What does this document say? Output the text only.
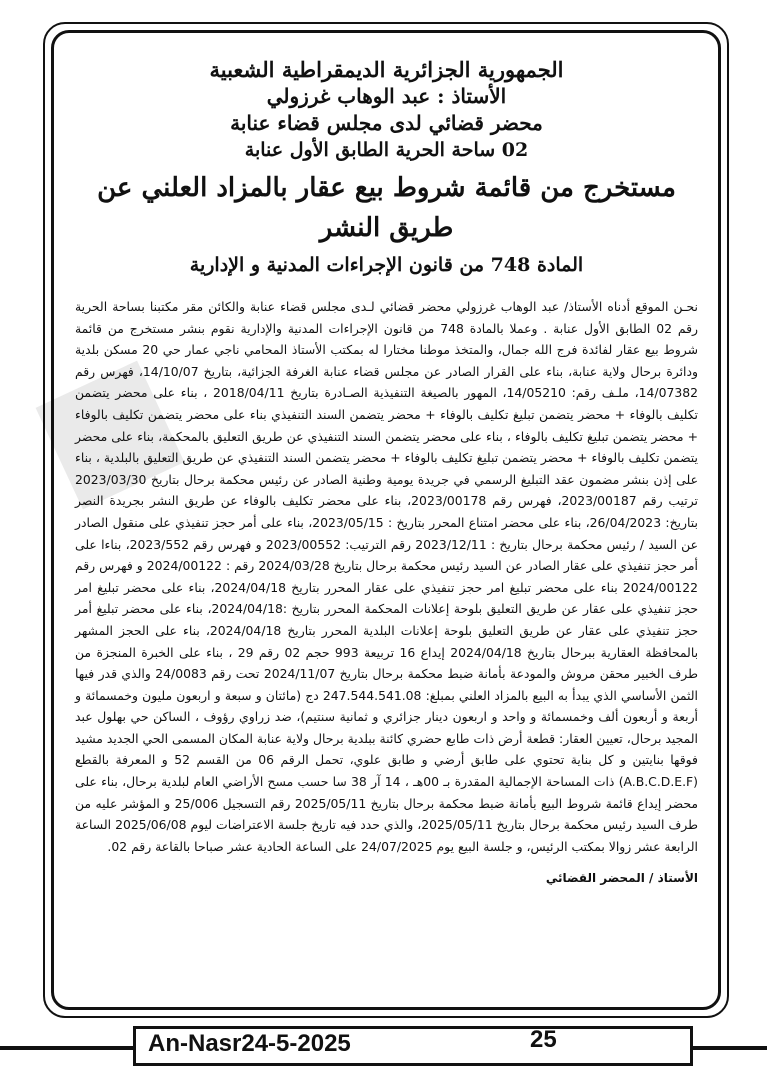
الجمهورية الجزائرية الديمقراطية الشعبية

الأستاذ : عبد الوهاب غرزولي

محضر قضائي لدى مجلس قضاء عنابة

02 ساحة الحرية الطابق الأول عنابة

مستخرج من قائمة شروط بيع عقار بالمزاد العلني عن طريق النشر

المادة 748 من قانون الإجراءات المدنية و الإدارية

نحـن الموقع أدناه الأستاذ/ عبد الوهاب غرزولي محضر قضائي لـدى مجلس قضاء عنابة والكائن مقر مكتبنا بساحة الحرية رقم 02 الطابق الأول عنابة . وعملا بالمادة 748 من قانون الإجراءات المدنية والإدارية نقوم بنشر مستخرج من قائمة شروط بيع عقار لفائدة فرج الله جمال، والمتخذ موطنا مختارا له بمكتب الأستاذ المحامي ناجي عمار حي 20 مسكن بلدية ودائرة برحال ولاية عنابة، بناء على القرار الصادر عن مجلس قضاء عنابة الغرفة الجزائية، بتاريخ 14/10/07، فهرس رقم 14/07382، ملـف رقم: 14/05210، المهور بالصيغة التنفيذية الصـادرة بتاريخ 2018/04/11 ، بناء على محضر يتضمن تكليف بالوفاء + محضر يتضمن تبليغ تكليف بالوفاء + محضر يتضمن السند التنفيذي بناء على محضر يتضمن تكليف بالوفاء + محضر يتضمن تبليغ تكليف بالوفاء ، بناء على محضر يتضمن السند التنفيذي عن طريق التعليق بالمحكمة، بناء على محضر يتضمن تكليف بالوفاء + محضر يتضمن تبليغ تكليف بالوفاء + محضر يتضمن السند التنفيذي عن طريق التعليق بالبلدية ، بناء على إذن بنشر مضمون عقد التبليغ الرسمي في جريدة يومية وطنية الصادر عن رئيس محكمة برحال بتاريخ 2023/03/30 ترتيب رقم 2023/00187، فهرس رقم 2023/00178، بناء على محضر تكليف بالوفاء عن طريق النشر بجريدة النصر بتاريخ: 26/04/2023، بناء على محضر امتناع المحرر بتاريخ : 2023/05/15، بناء على أمر حجز تنفيذي على منقول الصادر عن السيد / رئيس محكمة برحال بتاريخ : 2023/12/11 رقم الترتيب: 2023/00552 و فهرس رقم 2023/552، بناءا على أمر حجز تنفيذي على عقار الصادر عن السيد رئيس محكمة برحال بتاريخ 2024/03/28 رقم : 2024/00122 و فهرس رقم 2024/00122 بناء على محضر تبليغ امر حجز تنفيذي على عقار المحرر بتاريخ 2024/04/18، بناء على محضر تبليغ امر حجز تنفيذي على عقار عن طريق التعليق بلوحة إعلانات المحكمة المحرر بتاريخ :2024/04/18، بناء على محضر تبليغ أمر حجز تنفيذي على عقار عن طريق التعليق بلوحة إعلانات البلدية المحرر بتاريخ 2024/04/18، بناء على الحجز المشهر بالمحافظة العقارية ببرحال بتاريخ 2024/04/18 إيداع 16 تربيعة 993 حجم 02 رقم 29 ، بناء على الخبرة المنجزة من طرف الخبير محقن مروش والمودعة بأمانة ضبط محكمة برحال بتاريخ 2024/11/07 تحت رقم 24/0083 والذي قدر فيها الثمن الأساسي الذي يبدأ به البيع بالمزاد العلني بمبلغ: 247.544.541.08 دج (مائتان و سبعة و اربعون مليون وخمسمائة و أربعة و أربعون ألف وخمسمائة و واحد و اربعون دينار جزائري و ثمانية سنتيم)، ضد زراوي رؤوف ، الساكن حي بهلول عبد المجيد برحال، تعيين العقار: قطعة أرض ذات طابع حضري كائنة ببلدية برحال ولاية عنابة المكان المسمى الحي الجديد مشيد فوقها بنايتين و كل بناية تحتوي على طابق أرضي و طابق علوي، تحمل الرقم 06 من القسم 52 و المعرفة بالقطع (A.B.C.D.E.F) ذات المساحة الإجمالية المقدرة بـ 00هـ ، 14 آر 38 سا حسب مسح الأراضي العام لبلدية برحال، بناء على محضر إيداع قائمة شروط البيع بأمانة ضبط محكمة برحال بتاريخ 2025/05/11 رقم التسجيل 25/006 و المؤشر عليه من طرف السيد رئيس محكمة برحال بتاريخ 2025/05/11، والذي حدد فيه تاريخ جلسة الاعتراضات ليوم 2025/06/08 الساعة الرابعة عشر زوالا بمكتب الرئيس، و جلسة البيع يوم 24/07/2025 على الساعة الحادية عشر صباحا بالقاعة رقم 02.

الأستاذ / المحضر القضائي
An-Nasr24-5-2025	25
